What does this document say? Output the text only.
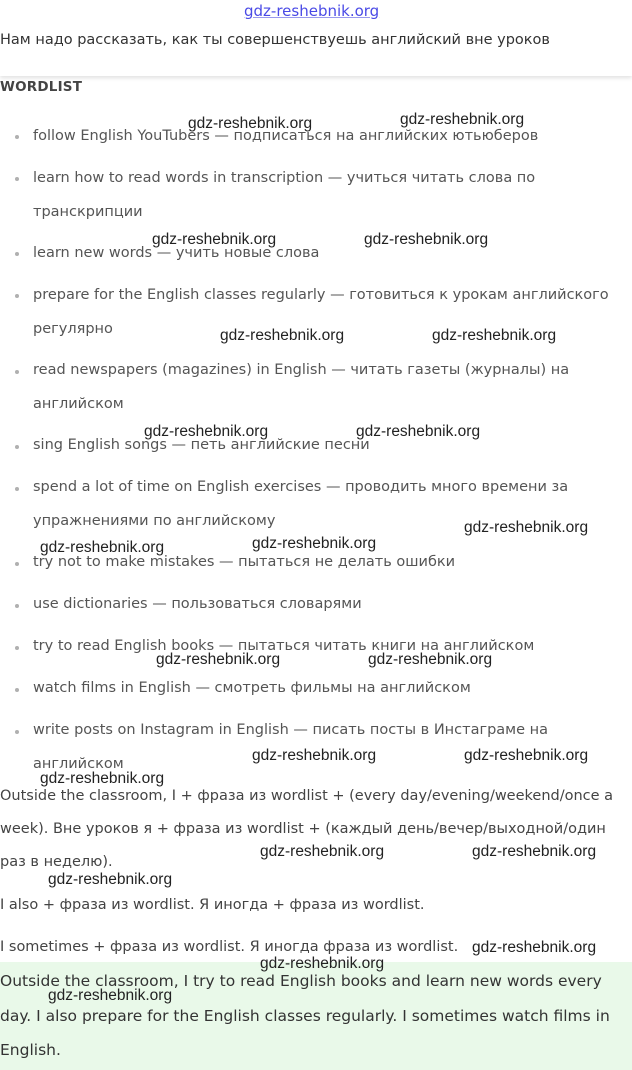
gdz-reshebnik.org
Нам надо рассказать, как ты совершенствуешь английский вне уроков
WORDLIST
follow English YouTubers — подписаться на английских ютьюберов
learn how to read words in transcription — учиться читать слова по транскрипции
learn new words — учить новые слова
prepare for the English classes regularly — готовиться к урокам английского регулярно
read newspapers (magazines) in English — читать газеты (журналы) на английском
sing English songs — петь английские песни
spend a lot of time on English exercises — проводить много времени за упражнениями по английскому
try not to make mistakes — пытаться не делать ошибки
use dictionaries — пользоваться словарями
try to read English books — пытаться читать книги на английском
watch films in English — смотреть фильмы на английском
write posts on Instagram in English — писать посты в Инстаграме на английском
Outside the classroom, I + фраза из wordlist + (every day/evening/weekend/once a week). Вне уроков я + фраза из wordlist + (каждый день/вечер/выходной/один раз в неделю).
I also + фраза из wordlist. Я иногда + фраза из wordlist.
I sometimes + фраза из wordlist. Я иногда фраза из wordlist.
Outside the classroom, I try to read English books and learn new words every day. I also prepare for the English classes regularly. I sometimes watch films in English.
gdz-reshebnik.org	gdz-reshebnik.org
gdz-reshebnik.org	gdz-reshebnik.org
gdz-reshebnik.org	gdz-reshebnik.org
gdz-reshebnik.org	gdz-reshebnik.org
gdz-reshebnik.org
gdz-reshebnik.org	gdz-reshebnik.org
gdz-reshebnik.org	gdz-reshebnik.org
gdz-reshebnik.org	gdz-reshebnik.org
gdz-reshebnik.org
gdz-reshebnik.org	gdz-reshebnik.org
gdz-reshebnik.org
gdz-reshebnik.org
gdz-reshebnik.org
gdz-reshebnik.org
